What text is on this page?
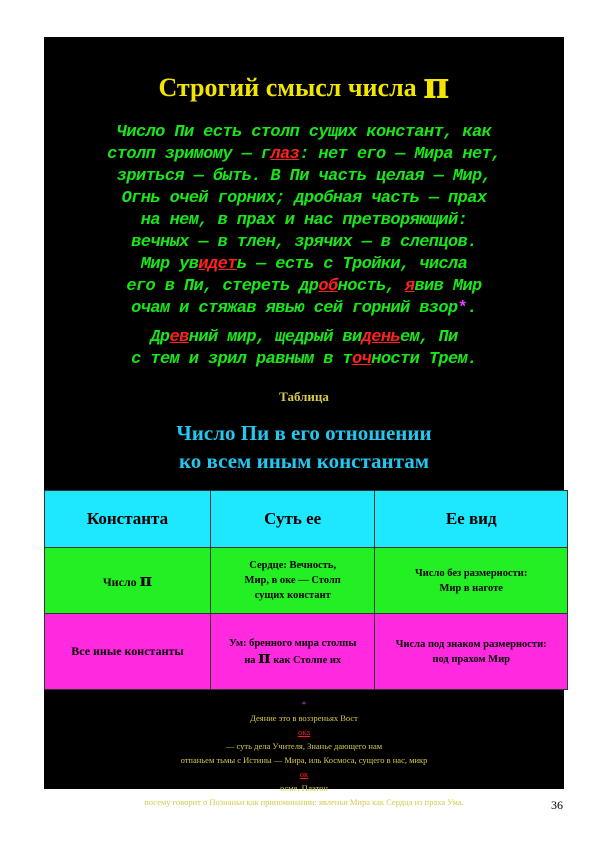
Строгий смысл числа π
Число Пи есть столп сущих констант, как
столп зримому — глаз: нет его — Мира нет,
зриться — быть. В Пи часть целая — Мир,
Огнь очей горних; дробная часть — прах
на нем, в прах и нас претворяющий:
вечных — в тлен, зрячих — в слепцов.
Мир увидеть — есть с Тройки, числа
его в Пи, стереть дробность, явив Мир
очам и стяжав явью сей горний взор*.
Древний мир, щедрый виденьем, Пи
с тем и зрил равным в точности Трем.
Таблица
Число Пи в его отношении
ко всем иным константам
Константа	Суть ее	Ее вид
Число π	Сердце: Вечность,
Мир, в оке — Столп
сущих констант	Число без размерности:
Мир в наготе
Все иные константы	Ум: бренного мира столпы
на π как Столпе их	Числа под знаком размерности:
под прахом Мир
*
Деяние это в воззреньях Вост
ока
— суть дела Учителя, Знанье дающего нам
отпаньем тьмы с Истины — Мира, иль Космоса, сущего в нас, микр
ок
осме. Платон
посему говорит о Познаньи как припоминании: явленьи Мира как Сердца из праха Ума.	36
